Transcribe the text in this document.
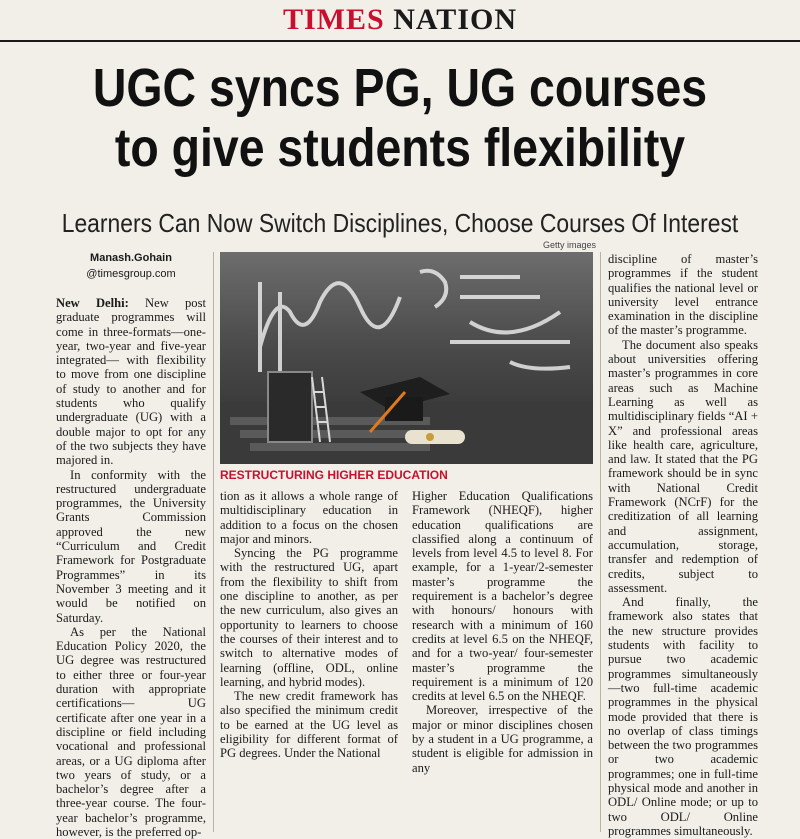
TIMES NATION
UGC syncs PG, UG courses
to give students flexibility
Learners Can Now Switch Disciplines, Choose Courses Of Interest
Manash.Gohain
@timesgroup.com
Getty images
RESTRUCTURING HIGHER EDUCATION

New Delhi: New post graduate programmes will come in three-formats—one-year, two-year and five-year integrated— with flexibility to move from one discipline of study to another and for students who qualify undergraduate (UG) with a double major to opt for any of the two subjects they have majored in.

In conformity with the restructured undergraduate programmes, the University Grants Commission approved the new “Curriculum and Credit Framework for Postgraduate Programmes” in its November 3 meeting and it would be notified on Saturday.

As per the National Education Policy 2020, the UG degree was restructured to either three or four-year duration with appropriate certifications— UG certificate after one year in a discipline or field including vocational and professional areas, or a UG diploma after two years of study, or a bachelor’s degree after a three-year course. The four-year bachelor’s programme, however, is the preferred op-

tion as it allows a whole range of multidisciplinary education in addition to a focus on the chosen major and minors.

Syncing the PG programme with the restructured UG, apart from the flexibility to shift from one discipline to another, as per the new curriculum, also gives an opportunity to learners to choose the courses of their interest and to switch to alternative modes of learning (offline, ODL, online learning, and hybrid modes).

The new credit framework has also specified the minimum credit to be earned at the UG level as eligibility for different format of PG degrees. Under the National

Higher Education Qualifications Framework (NHEQF), higher education qualifications are classified along a continuum of levels from level 4.5 to level 8. For example, for a 1-year/2-semester master’s programme the requirement is a bachelor’s degree with honours/ honours with research with a minimum of 160 credits at level 6.5 on the NHEQF, and for a two-year/ four-semester master’s programme the requirement is a minimum of 120 credits at level 6.5 on the NHEQF.

Moreover, irrespective of the major or minor disciplines chosen by a student in a UG programme, a student is eligible for admission in any

discipline of master’s programmes if the student qualifies the national level or university level entrance examination in the discipline of the master’s programme.

The document also speaks about universities offering master’s programmes in core areas such as Machine Learning as well as multidisciplinary fields “AI + X” and professional areas like health care, agriculture, and law. It stated that the PG framework should be in sync with National Credit Framework (NCrF) for the creditization of all learning and assignment, accumulation, storage, transfer and redemption of credits, subject to assessment.

And finally, the framework also states that the new structure provides students with facility to pursue two academic programmes simultaneously—two full-time academic programmes in the physical mode provided that there is no overlap of class timings between the two programmes or two academic programmes; one in full-time physical mode and another in ODL/ Online mode; or up to two ODL/ Online programmes simultaneously.
